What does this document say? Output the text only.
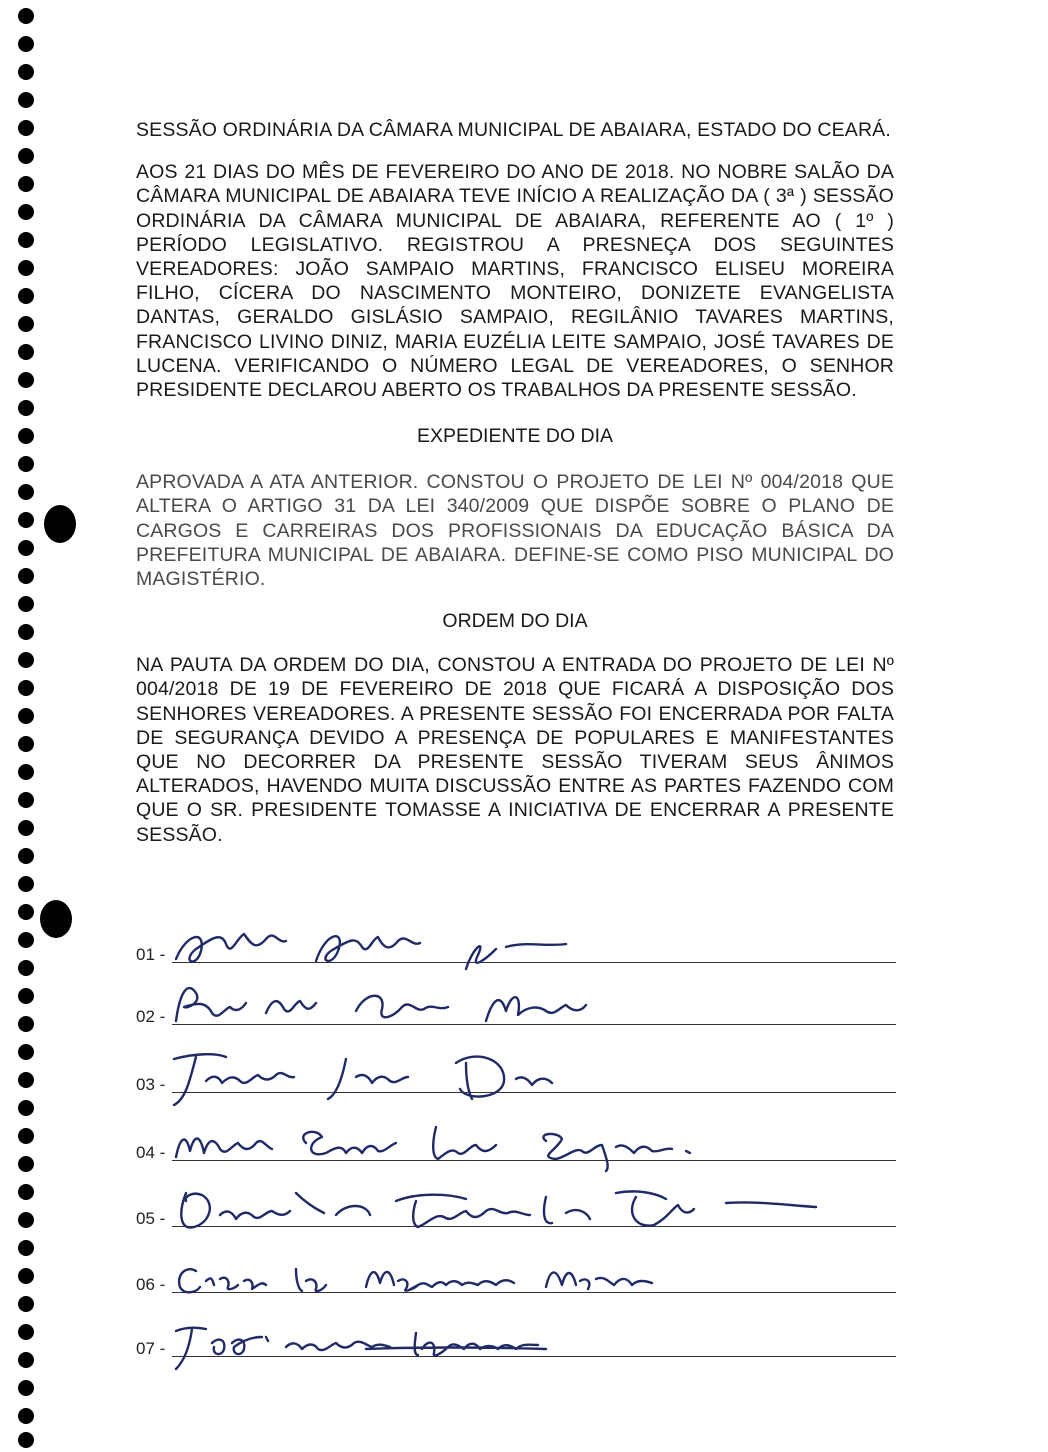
SESSÃO ORDINÁRIA DA CÂMARA MUNICIPAL DE ABAIARA, ESTADO DO CEARÁ.

AOS 21 DIAS DO MÊS DE FEVEREIRO DO ANO DE 2018. NO NOBRE SALÃO DA CÂMARA MUNICIPAL DE ABAIARA TEVE INÍCIO A REALIZAÇÃO DA ( 3ª ) SESSÃO ORDINÁRIA DA CÂMARA MUNICIPAL DE ABAIARA, REFERENTE AO ( 1º ) PERÍODO LEGISLATIVO. REGISTROU A PRESNEÇA DOS SEGUINTES VEREADORES: JOÃO SAMPAIO MARTINS, FRANCISCO ELISEU MOREIRA FILHO, CÍCERA DO NASCIMENTO MONTEIRO, DONIZETE EVANGELISTA DANTAS, GERALDO GISLÁSIO SAMPAIO, REGILÂNIO TAVARES MARTINS, FRANCISCO LIVINO DINIZ, MARIA EUZÉLIA LEITE SAMPAIO, JOSÉ TAVARES DE LUCENA. VERIFICANDO O NÚMERO LEGAL DE VEREADORES, O SENHOR PRESIDENTE DECLAROU ABERTO OS TRABALHOS DA PRESENTE SESSÃO.

EXPEDIENTE DO DIA

APROVADA A ATA ANTERIOR. CONSTOU O PROJETO DE LEI Nº 004/2018 QUE ALTERA O ARTIGO 31 DA LEI 340/2009 QUE DISPÕE SOBRE O PLANO DE CARGOS E CARREIRAS DOS PROFISSIONAIS DA EDUCAÇÃO BÁSICA DA PREFEITURA MUNICIPAL DE ABAIARA. DEFINE-SE COMO PISO MUNICIPAL DO MAGISTÉRIO.

ORDEM DO DIA

NA PAUTA DA ORDEM DO DIA, CONSTOU A ENTRADA DO PROJETO DE LEI Nº 004/2018 DE 19 DE FEVEREIRO DE 2018 QUE FICARÁ A DISPOSIÇÃO DOS SENHORES VEREADORES. A PRESENTE SESSÃO FOI ENCERRADA POR FALTA DE SEGURANÇA DEVIDO A PRESENÇA DE POPULARES E MANIFESTANTES QUE NO DECORRER DA PRESENTE SESSÃO TIVERAM SEUS ÂNIMOS ALTERADOS, HAVENDO MUITA DISCUSSÃO ENTRE AS PARTES FAZENDO COM QUE O SR. PRESIDENTE TOMASSE A INICIATIVA DE ENCERRAR A PRESENTE SESSÃO.

01 -
02 -
03 -
04 -
05 -
06 -
07 -
